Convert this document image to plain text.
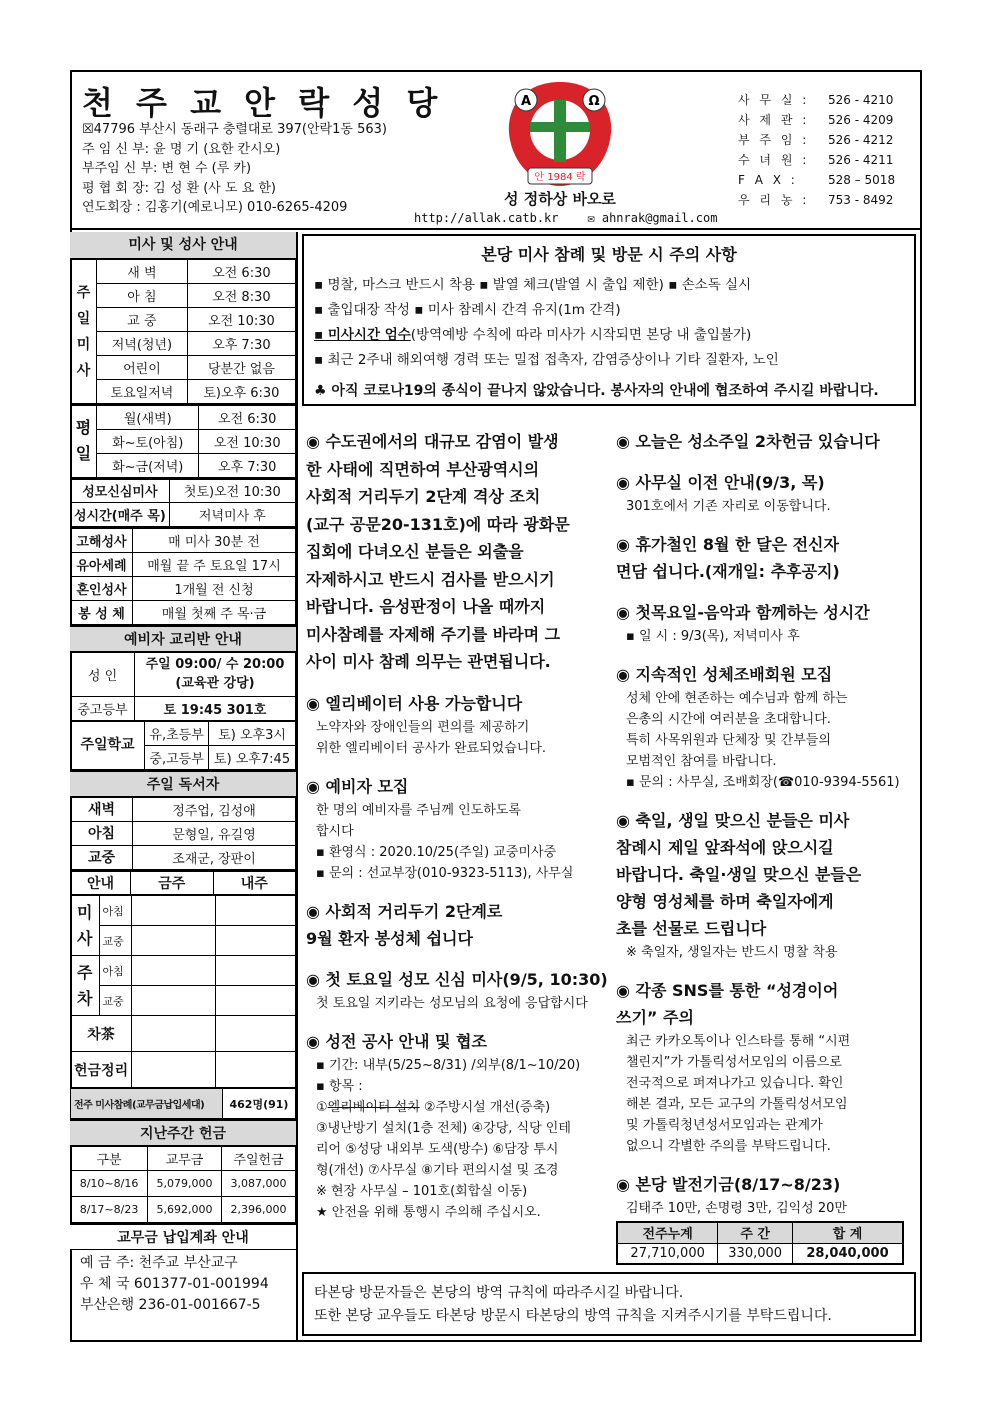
천 주 교 안 락 성 당
☒47796 부산시 동래구 충렬대로 397(안락1동 563)
주 임 신 부: 윤 명 기 (요한 칸시오)
부주임 신 부: 변 현 수 (루 카)
평 협 회 장: 김 성 환 (사 도 요 한)
연도회장 : 김홍기(예로니모) 010-6265-4209
A	Ω
안 1984 락
성 정하상 바오로
http://allak.catb.kr ✉ ahnrak@gmail.com
사 무 실 :	526 - 4210
사 제 관 :	526 - 4209
부 주 임 :	526 - 4212
수 녀 원 :	526 - 4211
F A X :	528 – 5018
우 리 농 :	753 - 8492
미사 및 성사 안내
주일미사	새 벽	오전 6:30
	아 침	오전 8:30
	교 중	오전 10:30
	저녁(청년)	오후 7:30
	어린이	당분간 없음
	토요일저녁	토)오후 6:30
평일	월(새벽)	오전 6:30
	화~토(아침)	오전 10:30
	화~금(저녁)	오후 7:30
성모신심미사	첫토)오전 10:30
성시간(매주 목)	저녁미사 후
고해성사	매 미사 30분 전
유아세례	매월 끝 주 토요일 17시
혼인성사	1개월 전 신청
봉 성 체	매월 첫째 주 목·금
예비자 교리반 안내
성 인	주일 09:00/ 수 20:00 (교육관 강당)
중고등부	토 19:45 301호
주일학교	유,초등부	토) 오후3시
	중,고등부	토) 오후7:45
주일 독서자
새벽	정주업, 김성애
아침	문형일, 유길영
교중	조재군, 장판이
안내	금주	내주
미사	아침		
	교중		
주차	아침		
	교중		
차茶			
헌금정리			
전주 미사참례(교무금납입세대)	462명(91)
지난주간 헌금
구분	교무금	주일헌금
8/10~8/16	5,079,000	3,087,000
8/17~8/23	5,692,000	2,396,000
교무금 납입계좌 안내
예 금 주: 천주교 부산교구
우 체 국 601377-01-001994
부산은행 236-01-001667-5
본당 미사 참례 및 방문 시 주의 사항
▪ 명찰, 마스크 반드시 착용 ▪ 발열 체크(발열 시 출입 제한) ▪ 손소독 실시
▪ 출입대장 작성 ▪ 미사 참례시 간격 유지(1m 간격)
▪ 미사시간 엄수(방역예방 수칙에 따라 미사가 시작되면 본당 내 출입불가)
▪ 최근 2주내 해외여행 경력 또는 밀접 접촉자, 감염증상이나 기타 질환자, 노인
♣ 아직 코로나19의 종식이 끝나지 않았습니다. 봉사자의 안내에 협조하여 주시길 바랍니다.
◉ 수도권에서의 대규모 감염이 발생
한 사태에 직면하여 부산광역시의
사회적 거리두기 2단계 격상 조치
(교구 공문20-131호)에 따라 광화문
집회에 다녀오신 분들은 외출을
자제하시고 반드시 검사를 받으시기
바랍니다. 음성판정이 나올 때까지
미사참례를 자제해 주기를 바라며 그
사이 미사 참례 의무는 관면됩니다.
◉ 엘리베이터 사용 가능합니다
노약자와 장애인들의 편의를 제공하기
위한 엘리베이터 공사가 완료되었습니다.
◉ 예비자 모집
한 명의 예비자를 주님께 인도하도록
합시다
▪ 환영식 : 2020.10/25(주일) 교중미사중
▪ 문의 : 선교부장(010-9323-5113), 사무실
◉ 사회적 거리두기 2단계로
9월 환자 봉성체 쉽니다
◉ 첫 토요일 성모 신심 미사(9/5, 10:30)
첫 토요일 지키라는 성모님의 요청에 응답합시다
◉ 성전 공사 안내 및 협조
▪ 기간: 내부(5/25~8/31) /외부(8/1~10/20)
▪ 항목 :
①엘리베이터 설치 ②주방시설 개선(증축)
③냉난방기 설치(1층 전체) ④강당, 식당 인테
리어 ⑤성당 내외부 도색(방수) ⑥담장 투시
형(개선) ⑦사무실 ⑧기타 편의시설 및 조경
※ 현장 사무실 – 101호(회합실 이동)
★ 안전을 위해 통행시 주의해 주십시오.
◉ 오늘은 성소주일 2차헌금 있습니다
◉ 사무실 이전 안내(9/3, 목)
301호에서 기존 자리로 이동합니다.
◉ 휴가철인 8월 한 달은 전신자
면담 쉽니다.(재개일: 추후공지)
◉ 첫목요일-음악과 함께하는 성시간
▪ 일 시 : 9/3(목), 저녁미사 후
◉ 지속적인 성체조배회원 모집
성체 안에 현존하는 예수님과 함께 하는
은총의 시간에 여러분을 초대합니다.
특히 사목위원과 단체장 및 간부들의
모범적인 참여를 바랍니다.
▪ 문의 : 사무실, 조배회장(☎010-9394-5561)
◉ 축일, 생일 맞으신 분들은 미사
참례시 제일 앞좌석에 앉으시길
바랍니다. 축일·생일 맞으신 분들은
양형 영성체를 하며 축일자에게
초를 선물로 드립니다
※ 축일자, 생일자는 반드시 명찰 착용
◉ 각종 SNS를 통한 “성경이어
쓰기” 주의
최근 카카오톡이나 인스타를 통해 “시편
챌린지”가 가톨릭성서모임의 이름으로
전국적으로 퍼져나가고 있습니다. 확인
해본 결과, 모든 교구의 가톨릭성서모임
및 가톨릭청년성서모임과는 관계가
없으니 각별한 주의를 부탁드립니다.
◉ 본당 발전기금(8/17~8/23)
김태주 10만, 손명령 3만, 김익성 20만
전주누계	주 간	합 계
27,710,000	330,000	28,040,000
타본당 방문자들은 본당의 방역 규칙에 따라주시길 바랍니다.
또한 본당 교우들도 타본당 방문시 타본당의 방역 규칙을 지켜주시기를 부탁드립니다.
